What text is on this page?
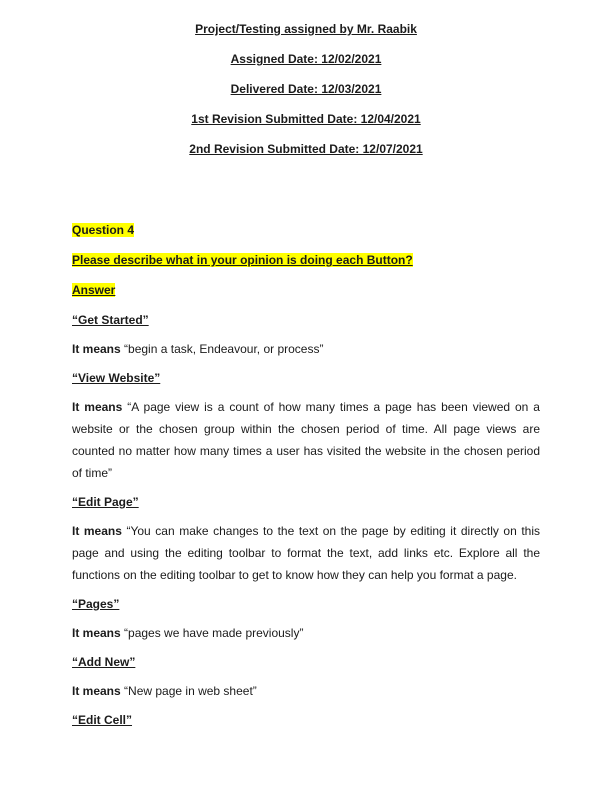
Project/Testing assigned by Mr. Raabik

Assigned Date: 12/02/2021

Delivered Date: 12/03/2021

1st Revision Submitted Date: 12/04/2021

2nd Revision Submitted Date: 12/07/2021

Question 4

Please describe what in your opinion is doing each Button?

Answer

“Get Started”

It means “begin a task, Endeavour, or process”

“View Website”

It means “A page view is a count of how many times a page has been viewed on a website or the chosen group within the chosen period of time. All page views are counted no matter how many times a user has visited the website in the chosen period of time”

“Edit Page”

It means “You can make changes to the text on the page by editing it directly on this page and using the editing toolbar to format the text, add links etc. Explore all the functions on the editing toolbar to get to know how they can help you format a page.

“Pages”

It means “pages we have made previously”

“Add New”

It means “New page in web sheet”

“Edit Cell”
